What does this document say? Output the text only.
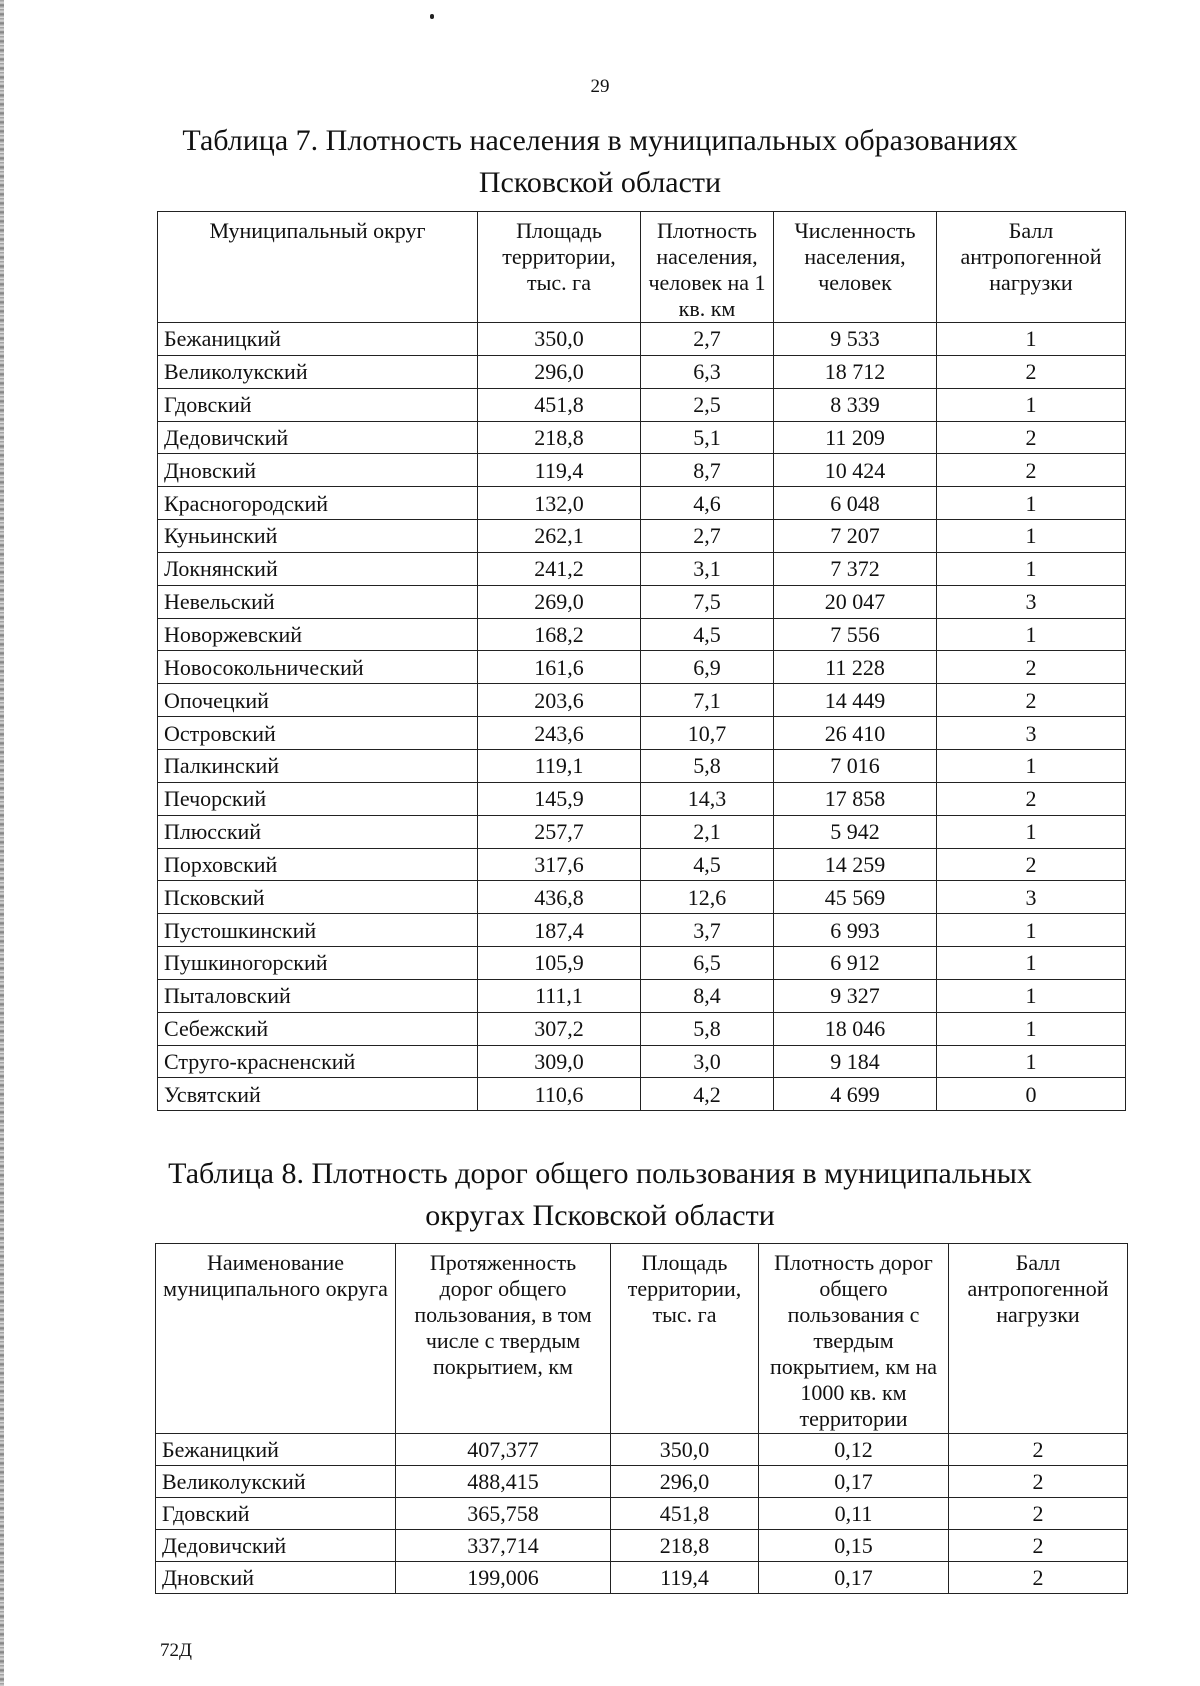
29
Таблица 7. Плотность населения в муниципальных образованиях
Псковской области
Муниципальный округ	Площадь территории, тыс. га	Плотность населения, человек на 1 кв. км	Численность населения, человек	Балл антропогенной нагрузки
Бежаницкий	350,0	2,7	9 533	1
Великолукский	296,0	6,3	18 712	2
Гдовский	451,8	2,5	8 339	1
Дедовичский	218,8	5,1	11 209	2
Дновский	119,4	8,7	10 424	2
Красногородский	132,0	4,6	6 048	1
Куньинский	262,1	2,7	7 207	1
Локнянский	241,2	3,1	7 372	1
Невельский	269,0	7,5	20 047	3
Новоржевский	168,2	4,5	7 556	1
Новосокольнический	161,6	6,9	11 228	2
Опочецкий	203,6	7,1	14 449	2
Островский	243,6	10,7	26 410	3
Палкинский	119,1	5,8	7 016	1
Печорский	145,9	14,3	17 858	2
Плюсский	257,7	2,1	5 942	1
Порховский	317,6	4,5	14 259	2
Псковский	436,8	12,6	45 569	3
Пустошкинский	187,4	3,7	6 993	1
Пушкиногорский	105,9	6,5	6 912	1
Пыталовский	111,1	8,4	9 327	1
Себежский	307,2	5,8	18 046	1
Струго-красненский	309,0	3,0	9 184	1
Усвятский	110,6	4,2	4 699	0
Таблица 8. Плотность дорог общего пользования в муниципальных
округах Псковской области
Наименование муниципального округа	Протяженность дорог общего пользования, в том числе с твердым покрытием, км	Площадь территории, тыс. га	Плотность дорог общего пользования с твердым покрытием, км на 1000 кв. км территории	Балл антропогенной нагрузки
Бежаницкий	407,377	350,0	0,12	2
Великолукский	488,415	296,0	0,17	2
Гдовский	365,758	451,8	0,11	2
Дедовичский	337,714	218,8	0,15	2
Дновский	199,006	119,4	0,17	2
72Д
